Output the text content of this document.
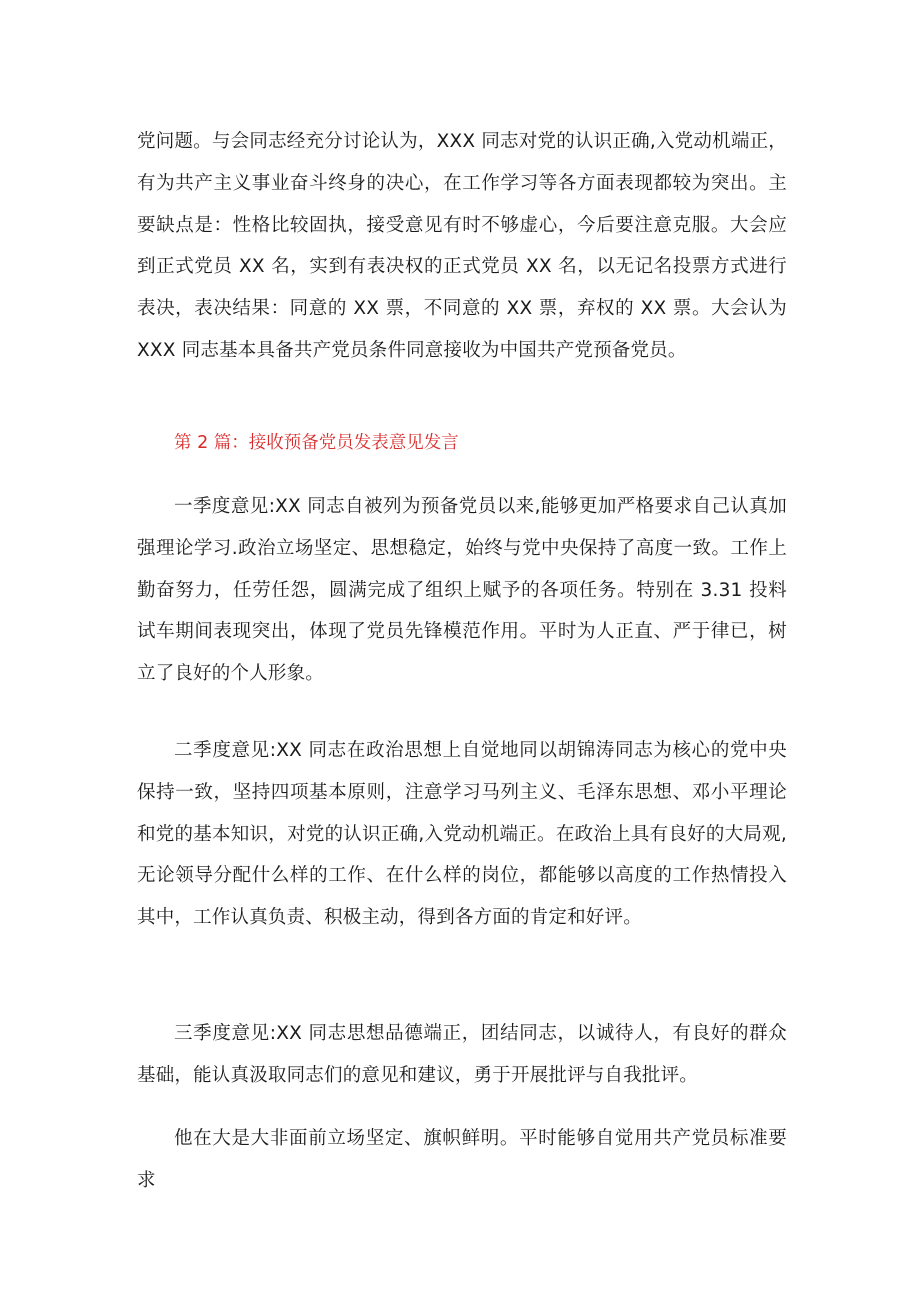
党问题。与会同志经充分讨论认为，XXX 同志对党的认识正确,入党动机端正，有为共产主义事业奋斗终身的决心，在工作学习等各方面表现都较为突出。主要缺点是：性格比较固执，接受意见有时不够虚心，今后要注意克服。大会应到正式党员 XX 名，实到有表决权的正式党员 XX 名，以无记名投票方式进行表决，表决结果：同意的 XX 票，不同意的 XX 票，弃权的 XX 票。大会认为 XXX 同志基本具备共产党员条件同意接收为中国共产党预备党员。

第 2 篇：接收预备党员发表意见发言

一季度意见:XX 同志自被列为预备党员以来,能够更加严格要求自己认真加强理论学习.政治立场坚定、思想稳定，始终与党中央保持了高度一致。工作上勤奋努力，任劳任怨，圆满完成了组织上赋予的各项任务。特别在 3.31 投料试车期间表现突出，体现了党员先锋模范作用。平时为人正直、严于律已，树立了良好的个人形象。

二季度意见:XX 同志在政治思想上自觉地同以胡锦涛同志为核心的党中央保持一致，坚持四项基本原则，注意学习马列主义、毛泽东思想、邓小平理论和党的基本知识，对党的认识正确,入党动机端正。在政治上具有良好的大局观,无论领导分配什么样的工作、在什么样的岗位，都能够以高度的工作热情投入其中，工作认真负责、积极主动，得到各方面的肯定和好评。

三季度意见:XX 同志思想品德端正，团结同志，以诚待人，有良好的群众基础，能认真汲取同志们的意见和建议，勇于开展批评与自我批评。

他在大是大非面前立场坚定、旗帜鲜明。平时能够自觉用共产党员标准要求
